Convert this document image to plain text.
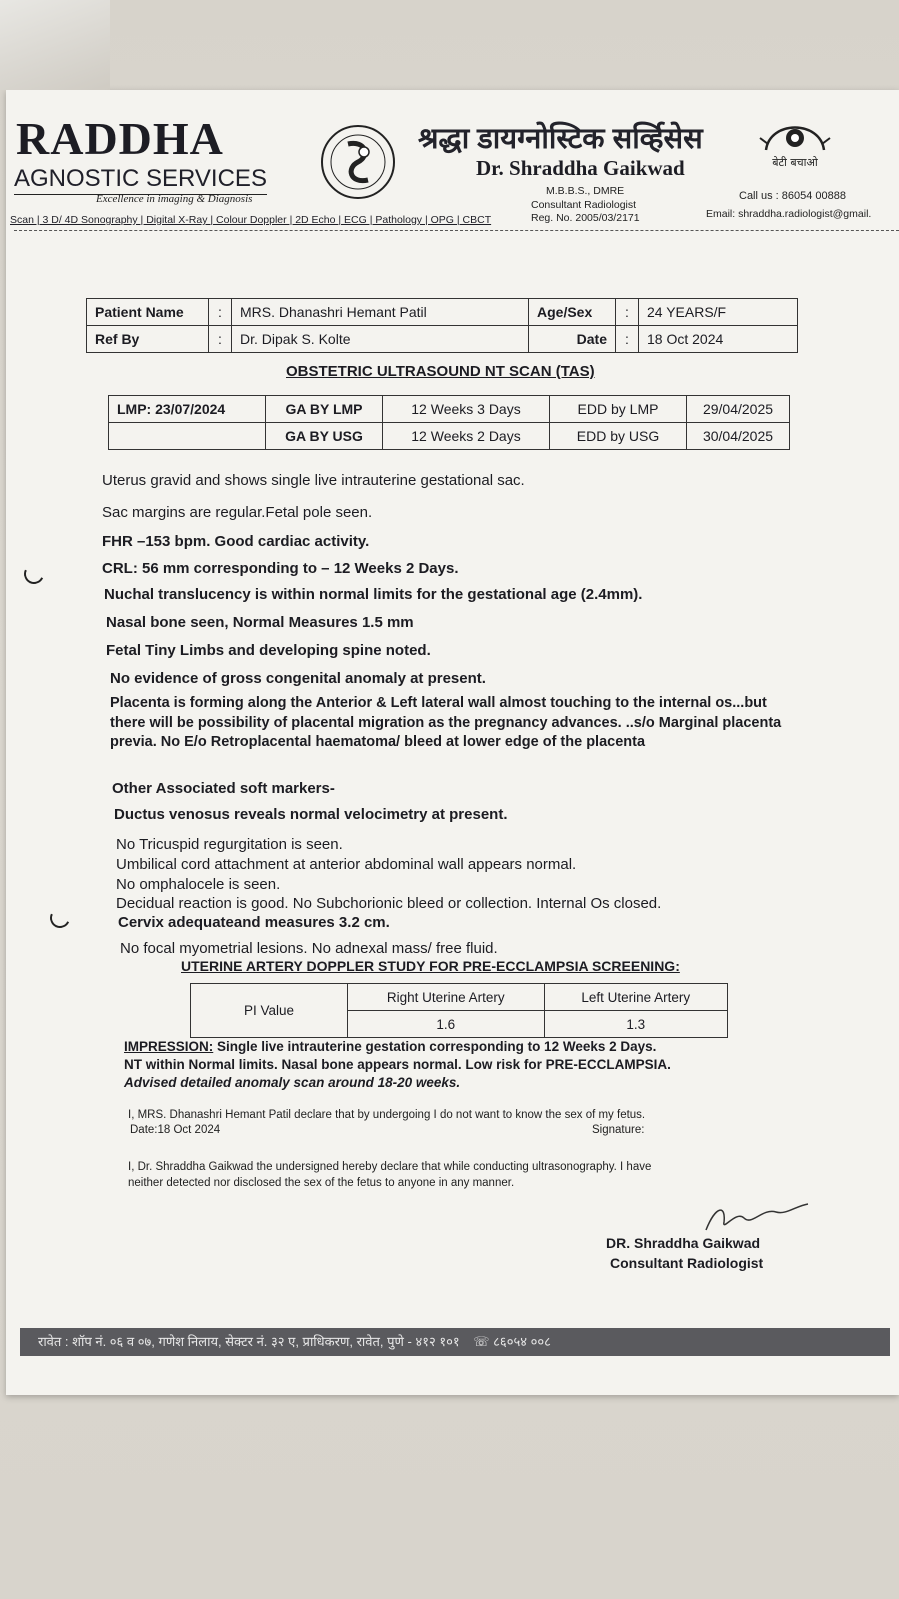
RADDHA
AGNOSTIC SERVICES
Excellence in imaging & Diagnosis
Scan | 3 D/ 4D Sonography | Digital X-Ray | Colour Doppler | 2D Echo | ECG | Pathology | OPG | CBCT
श्रद्धा डायग्नोस्टिक सर्व्हिसेस
Dr. Shraddha Gaikwad
M.B.B.S., DMRE
Consultant Radiologist
Reg. No. 2005/03/2171
बेटी बचाओ
Call us : 86054 00888
Email: shraddha.radiologist@gmail.
Patient Name	:	MRS. Dhanashri Hemant Patil	Age/Sex	:	24 YEARS/F
Ref By	:	Dr. Dipak S. Kolte	Date	:	18 Oct 2024
OBSTETRIC ULTRASOUND NT SCAN (TAS)
LMP: 23/07/2024	GA BY LMP	12 Weeks 3 Days	EDD by LMP	29/04/2025
	GA BY USG	12 Weeks 2 Days	EDD by USG	30/04/2025
Uterus gravid and shows single live intrauterine gestational sac.
Sac margins are regular.Fetal pole seen.
FHR –153 bpm. Good cardiac activity.
CRL: 56 mm corresponding to – 12 Weeks 2 Days.
Nuchal translucency is within normal limits for the gestational age (2.4mm).
Nasal bone seen, Normal Measures 1.5 mm
Fetal Tiny Limbs and developing spine noted.
No evidence of gross congenital anomaly at present.
Placenta is forming along the Anterior & Left lateral wall almost touching to the internal os...but there will be possibility of placental migration as the pregnancy advances. ..s/o Marginal placenta previa. No E/o Retroplacental haematoma/ bleed at lower edge of the placenta
Other Associated soft markers-
Ductus venosus reveals normal velocimetry at present.
No Tricuspid regurgitation is seen.
Umbilical cord attachment at anterior abdominal wall appears normal.
No omphalocele is seen.
Decidual reaction is good. No Subchorionic bleed or collection. Internal Os closed.
Cervix adequateand measures 3.2 cm.
No focal myometrial lesions. No adnexal mass/ free fluid.
UTERINE ARTERY DOPPLER STUDY FOR PRE-ECCLAMPSIA SCREENING:
PI Value	Right Uterine Artery	Left Uterine Artery
	1.6	1.3
IMPRESSION: Single live intrauterine gestation corresponding to 12 Weeks 2 Days.
NT within Normal limits. Nasal bone appears normal. Low risk for PRE-ECCLAMPSIA.
Advised detailed anomaly scan around 18-20 weeks.
I, MRS. Dhanashri Hemant Patil declare that by undergoing I do not want to know the sex of my fetus.
Date:18 Oct 2024	Signature:
I, Dr. Shraddha Gaikwad the undersigned hereby declare that while conducting ultrasonography. I have
neither detected nor disclosed the sex of the fetus to anyone in any manner.
DR. Shraddha Gaikwad
Consultant Radiologist
रावेत : शॉप नं. ०६ व ०७, गणेश निलाय, सेक्टर नं. ३२ ए, प्राधिकरण, रावेत, पुणे - ४१२ १०१ ☏ ८६०५४ ००८
